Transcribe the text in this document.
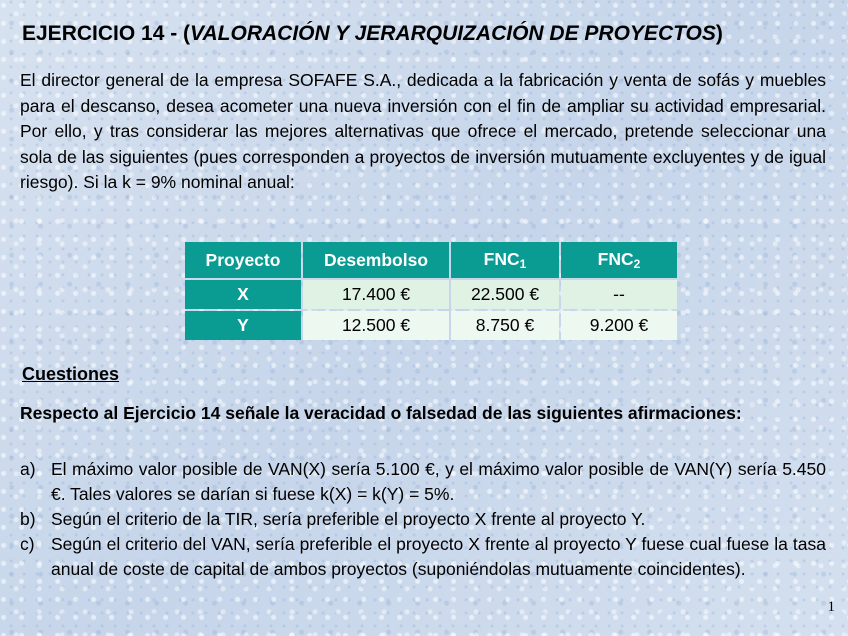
EJERCICIO 14 - (VALORACIÓN Y JERARQUIZACIÓN DE PROYECTOS)

El director general de la empresa SOFAFE S.A., dedicada a la fabricación y venta de sofás y muebles para el descanso, desea acometer una nueva inversión con el fin de ampliar su actividad empresarial. Por ello, y tras considerar las mejores alternativas que ofrece el mercado, pretende seleccionar una sola de las siguientes (pues corresponden a proyectos de inversión mutuamente excluyentes y de igual riesgo). Si la k = 9% nominal anual:

Proyecto	Desembolso	FNC1	FNC2
X	17.400 €	22.500 €	--
Y	12.500 €	8.750 €	9.200 €
Cuestiones

Respecto al Ejercicio 14 señale la veracidad o falsedad de las siguientes afirmaciones:

a) El máximo valor posible de VAN(X) sería 5.100 €, y el máximo valor posible de VAN(Y) sería 5.450 €. Tales valores se darían si fuese k(X) = k(Y) = 5%.
b) Según el criterio de la TIR, sería preferible el proyecto X frente al proyecto Y.
c) Según el criterio del VAN, sería preferible el proyecto X frente al proyecto Y fuese cual fuese la tasa anual de coste de capital de ambos proyectos (suponiéndolas mutuamente coincidentes).
1
